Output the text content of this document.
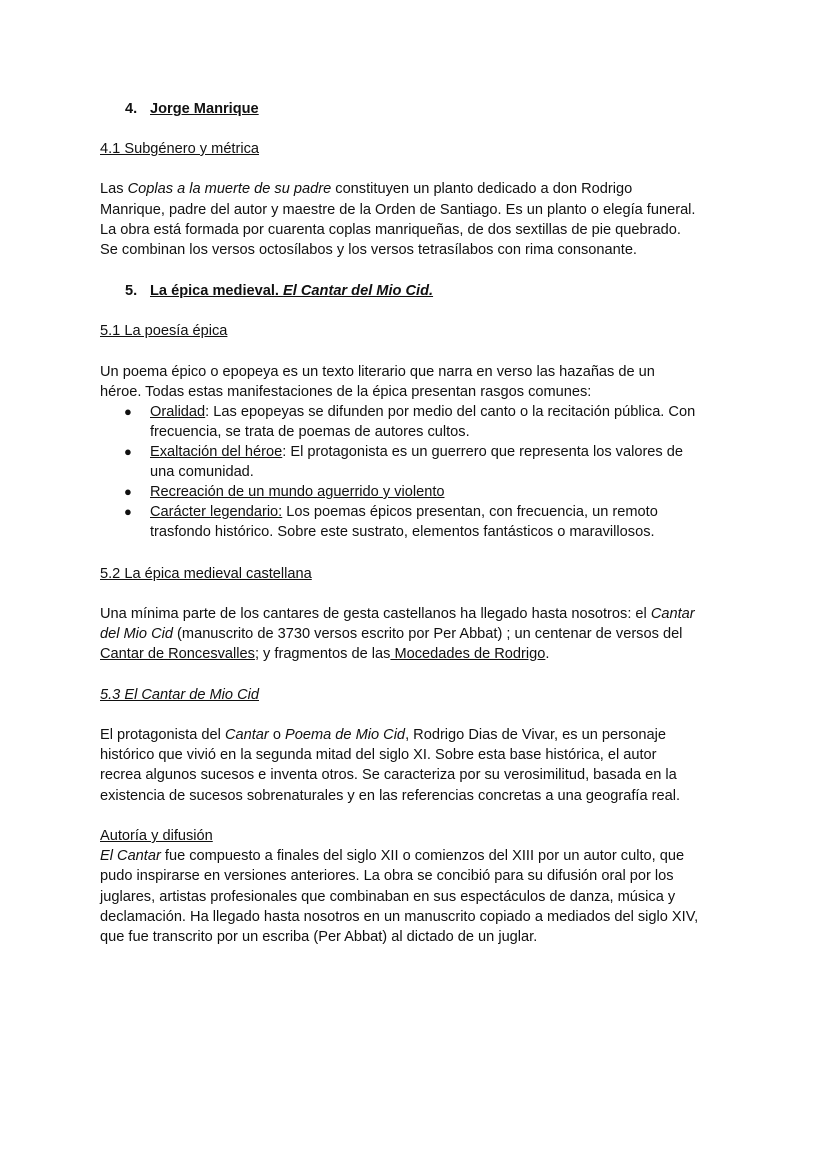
4. Jorge Manrique
4.1 Subgénero y métrica
Las Coplas a la muerte de su padre constituyen un planto dedicado a don Rodrigo
Manrique, padre del autor y maestre de la Orden de Santiago. Es un planto o elegía funeral.
La obra está formada por cuarenta coplas manriqueñas, de dos sextillas de pie quebrado.
Se combinan los versos octosílabos y los versos tetrasílabos con rima consonante.
5. La épica medieval. El Cantar del Mio Cid.
5.1 La poesía épica
Un poema épico o epopeya es un texto literario que narra en verso las hazañas de un
héroe. Todas estas manifestaciones de la épica presentan rasgos comunes:
● Oralidad: Las epopeyas se difunden por medio del canto o la recitación pública. Con
frecuencia, se trata de poemas de autores cultos.
● Exaltación del héroe: El protagonista es un guerrero que representa los valores de
una comunidad.
● Recreación de un mundo aguerrido y violento
● Carácter legendario: Los poemas épicos presentan, con frecuencia, un remoto
trasfondo histórico. Sobre este sustrato, elementos fantásticos o maravillosos.
5.2 La épica medieval castellana
Una mínima parte de los cantares de gesta castellanos ha llegado hasta nosotros: el Cantar
del Mio Cid (manuscrito de 3730 versos escrito por Per Abbat) ; un centenar de versos del
Cantar de Roncesvalles; y fragmentos de las Mocedades de Rodrigo.
5.3 El Cantar de Mio Cid
El protagonista del Cantar o Poema de Mio Cid, Rodrigo Dias de Vivar, es un personaje
histórico que vivió en la segunda mitad del siglo XI. Sobre esta base histórica, el autor
recrea algunos sucesos e inventa otros. Se caracteriza por su verosimilitud, basada en la
existencia de sucesos sobrenaturales y en las referencias concretas a una geografía real.
Autoría y difusión
El Cantar fue compuesto a finales del siglo XII o comienzos del XIII por un autor culto, que
pudo inspirarse en versiones anteriores. La obra se concibió para su difusión oral por los
juglares, artistas profesionales que combinaban en sus espectáculos de danza, música y
declamación. Ha llegado hasta nosotros en un manuscrito copiado a mediados del siglo XIV,
que fue transcrito por un escriba (Per Abbat) al dictado de un juglar.
